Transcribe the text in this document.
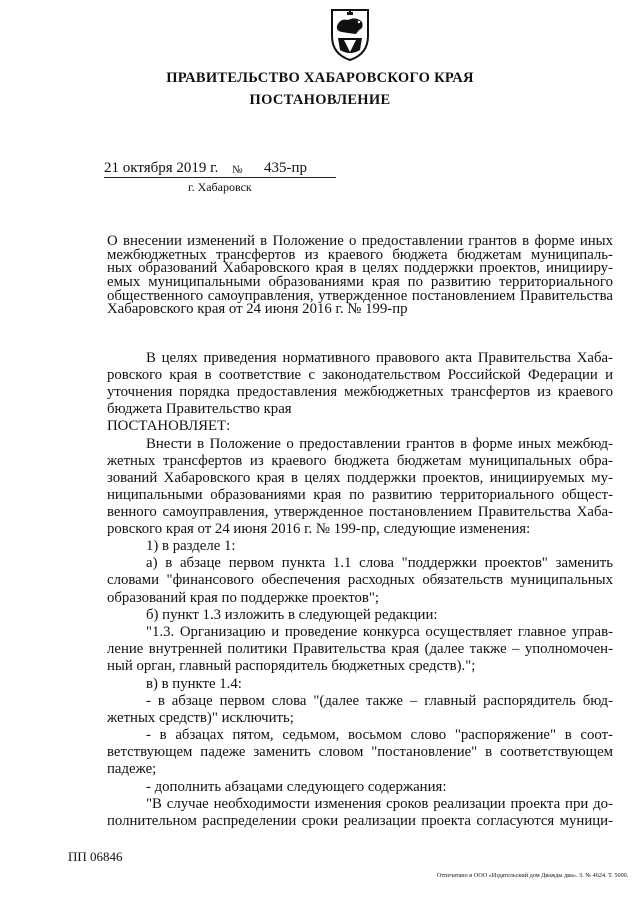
ПРАВИТЕЛЬСТВО ХАБАРОВСКОГО КРАЯ
ПОСТАНОВЛЕНИЕ
21 октября 2019 г. № 435-пр
г. Хабаровск
О внесении изменений в Положение о предоставлении грантов в форме иных
межбюджетных трансфертов из краевого бюджета бюджетам муниципаль-
ных образований Хабаровского края в целях поддержки проектов, иницииру-
емых муниципальными образованиями края по развитию территориального
общественного самоуправления, утвержденное постановлением Правительства
Хабаровского края от 24 июня 2016 г. № 199-пр
В целях приведения нормативного правового акта Правительства Хаба-
ровского края в соответствие с законодательством Российской Федерации и
уточнения порядка предоставления межбюджетных трансфертов из краевого
бюджета Правительство края
ПОСТАНОВЛЯЕТ:
Внести в Положение о предоставлении грантов в форме иных межбюд-
жетных трансфертов из краевого бюджета бюджетам муниципальных обра-
зований Хабаровского края в целях поддержки проектов, инициируемых му-
ниципальными образованиями края по развитию территориального общест-
венного самоуправления, утвержденное постановлением Правительства Хаба-
ровского края от 24 июня 2016 г. № 199-пр, следующие изменения:
1) в разделе 1:
а) в абзаце первом пункта 1.1 слова "поддержки проектов" заменить
словами "финансового обеспечения расходных обязательств муниципальных
образований края по поддержке проектов";
б) пункт 1.3 изложить в следующей редакции:
"1.3. Организацию и проведение конкурса осуществляет главное управ-
ление внутренней политики Правительства края (далее также – уполномочен-
ный орган, главный распорядитель бюджетных средств).";
в) в пункте 1.4:
- в абзаце первом слова "(далее также – главный распорядитель бюд-
жетных средств)" исключить;
- в абзацах пятом, седьмом, восьмом слово "распоряжение" в соот-
ветствующем падеже заменить словом "постановление" в соответствующем
падеже;
- дополнить абзацами следующего содержания:
"В случае необходимости изменения сроков реализации проекта при до-
полнительном распределении сроки реализации проекта согласуются муници-
ПП 06846
Отпечатано в ООО «Издательский дом Дважды два». З. № 4624. Т. 5000.
